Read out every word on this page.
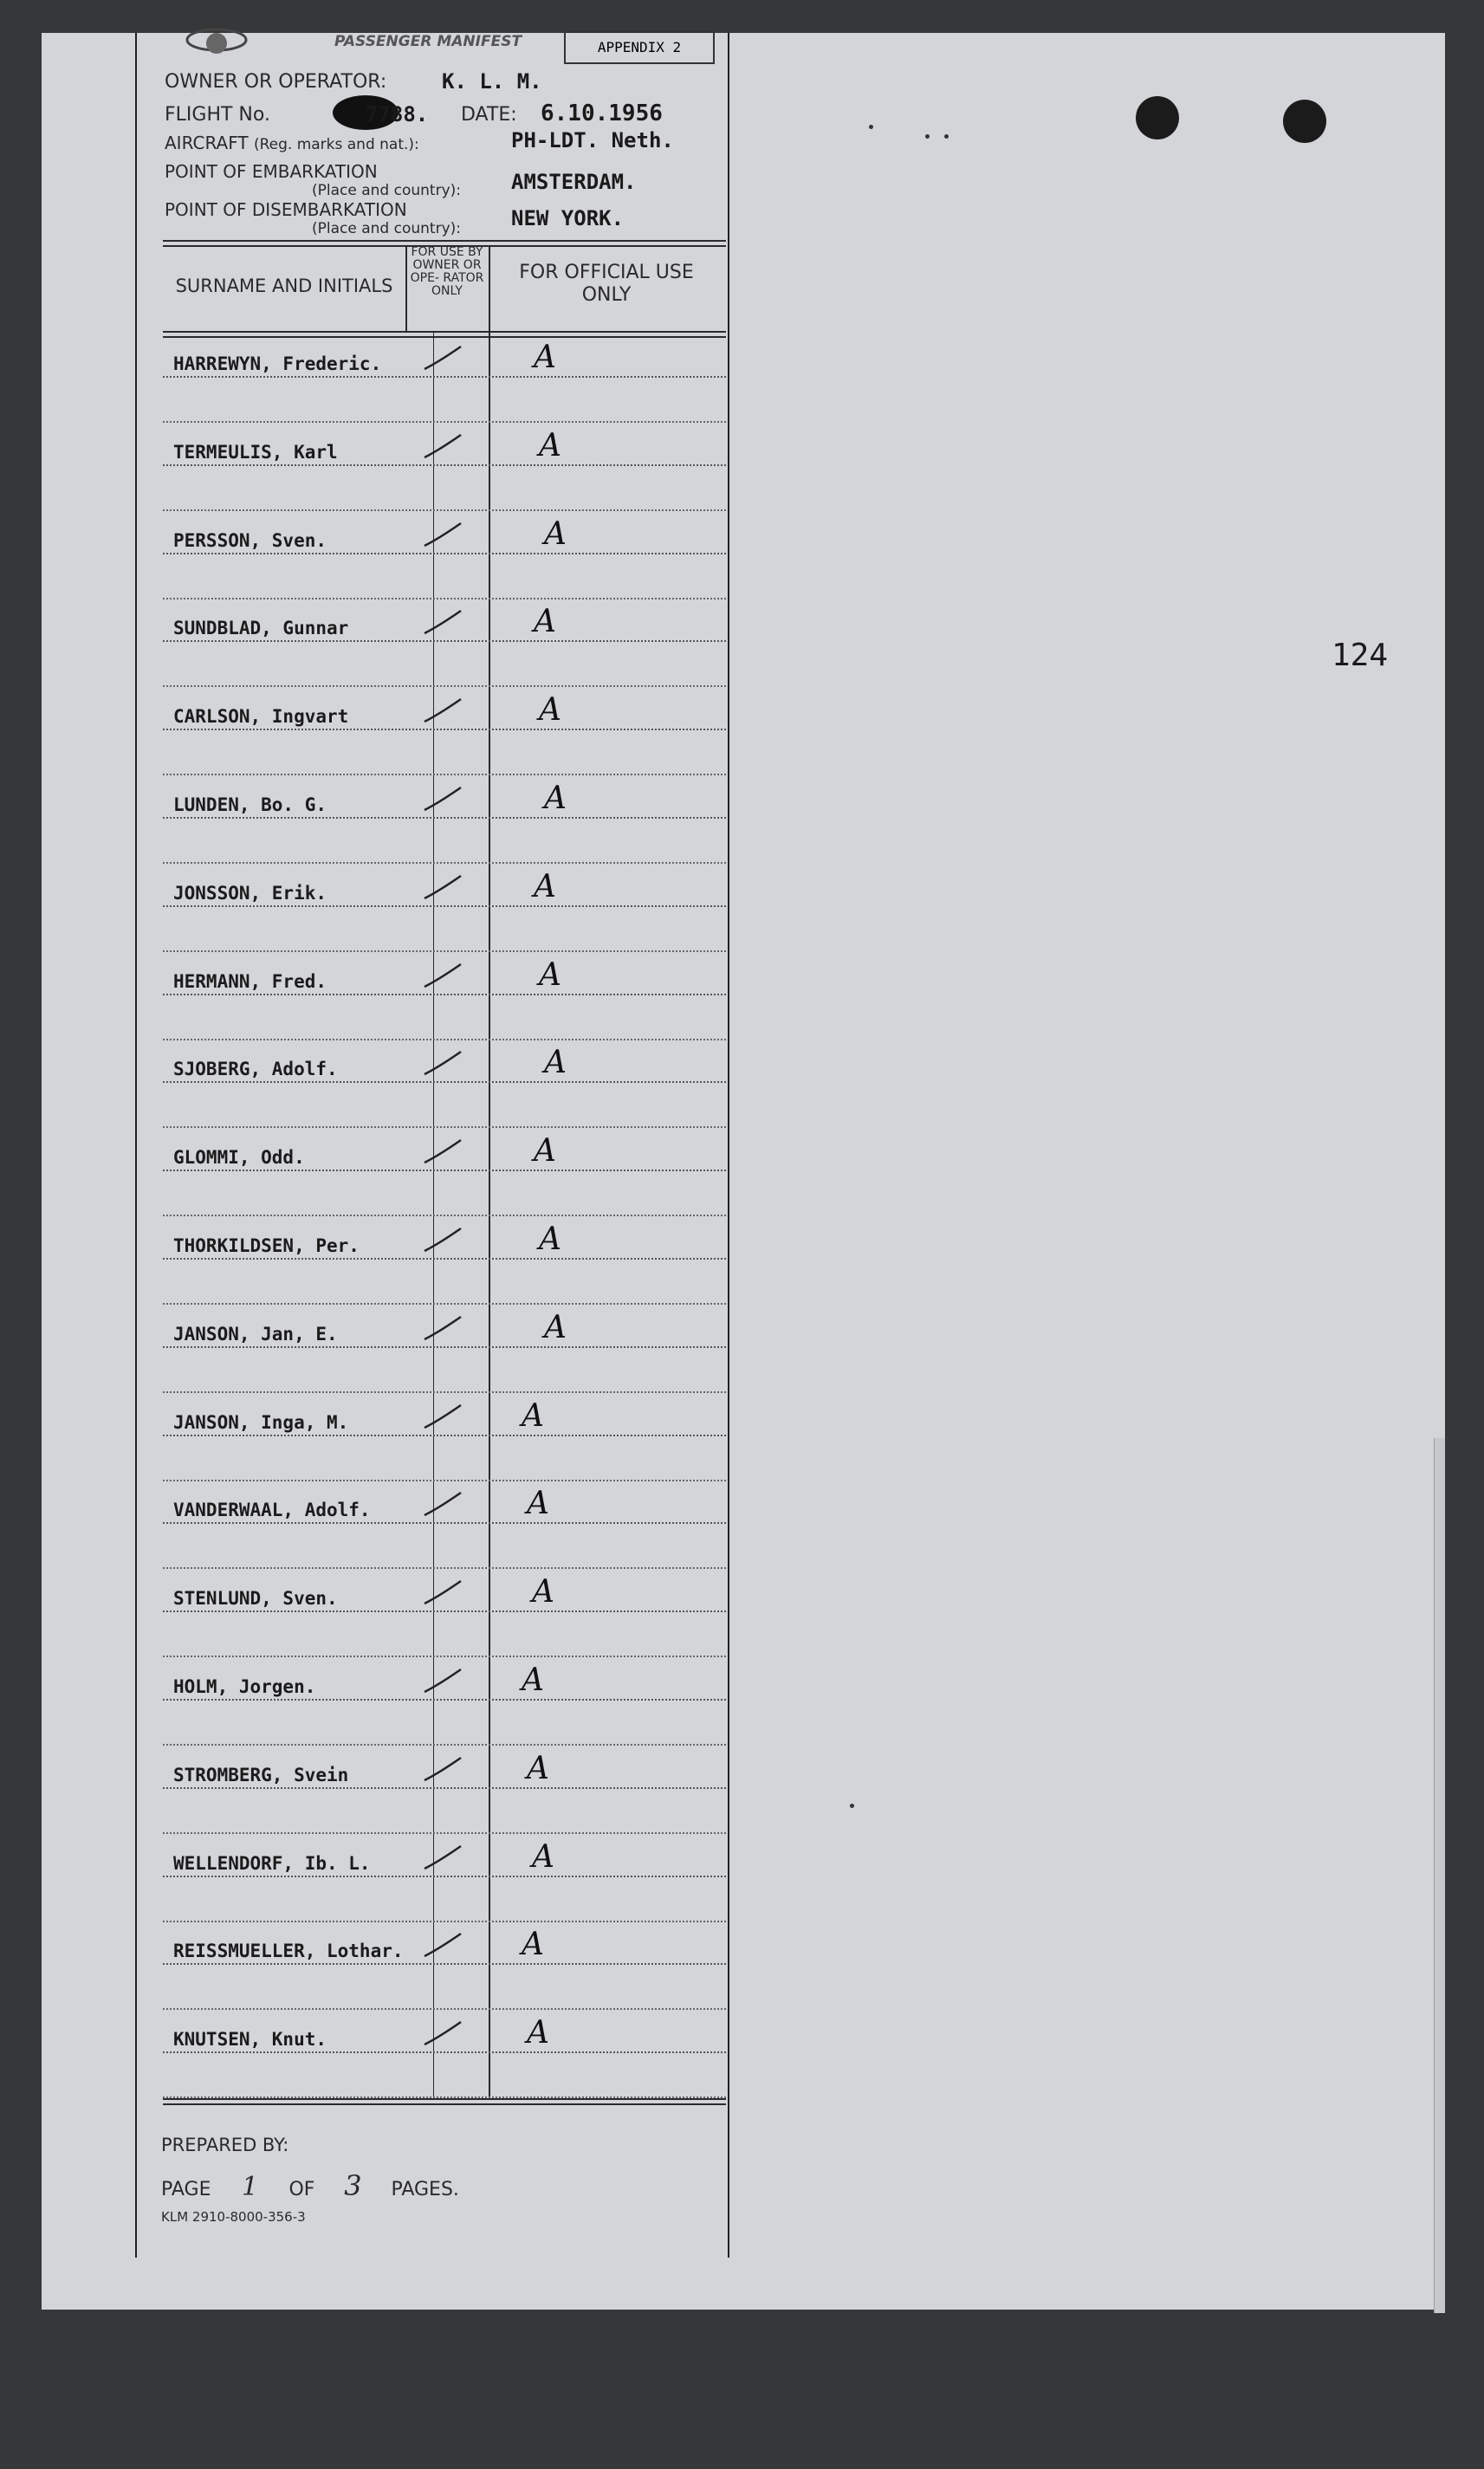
PASSENGER MANIFEST	APPENDIX 2
OWNER OR OPERATOR:	K. L. M.
FLIGHT No.	7788. DATE: 6.10.1956
AIRCRAFT (Reg. marks and nat.):	PH-LDT. Neth.
POINT OF EMBARKATION
(Place and country): AMSTERDAM.
POINT OF DISEMBARKATION
(Place and country): NEW YORK.
SURNAME AND INITIALS
FOR USE BY OWNER OR OPE- RATOR ONLY
FOR OFFICIAL USE ONLY
HARREWYN, Frederic.	A
TERMEULIS, Karl	A
PERSSON, Sven.	A
SUNDBLAD, Gunnar	A
CARLSON, Ingvart	A
LUNDEN, Bo. G.	A
JONSSON, Erik.	A
HERMANN, Fred.	A
SJOBERG, Adolf.	A
GLOMMI, Odd.	A
THORKILDSEN, Per.	A
JANSON, Jan, E.	A
JANSON, Inga, M.	A
VANDERWAAL, Adolf.	A
STENLUND, Sven.	A
HOLM, Jorgen.	A
STROMBERG, Svein	A
WELLENDORF, Ib. L.	A
REISSMUELLER, Lothar.	A
KNUTSEN, Knut.	A
PREPARED BY:
PAGE 1 OF 3 PAGES.
KLM 2910-8000-356-3
124
